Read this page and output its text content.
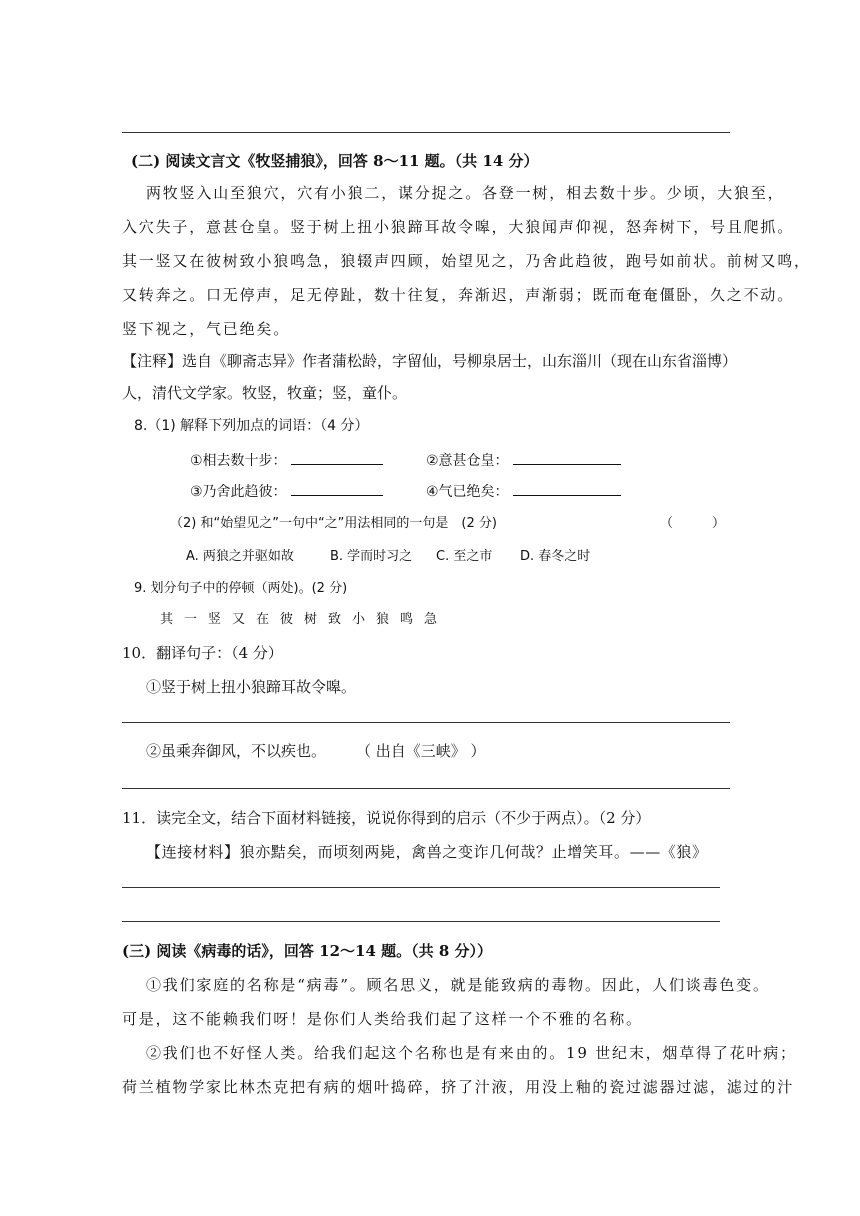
(二) 阅读文言文《牧竖捕狼》，回答 8～11 题。（共 14 分）
两牧竖入山至狼穴，穴有小狼二，谋分捉之。各登一树，相去数十步。少顷，大狼至，
入穴失子，意甚仓皇。竖于树上扭小狼蹄耳故令嗥，大狼闻声仰视，怒奔树下，号且爬抓。
其一竖又在彼树致小狼鸣急，狼辍声四顾，始望见之，乃舍此趋彼，跑号如前状。前树又鸣，
又转奔之。口无停声，足无停趾，数十往复，奔渐迟，声渐弱；既而奄奄僵卧，久之不动。
竖下视之，气已绝矣。
【注释】选自《聊斋志异》作者蒲松龄，字留仙，号柳泉居士，山东淄川（现在山东省淄博）
人，清代文学家。牧竖，牧童；竖，童仆。
8.（1) 解释下列加点的词语：（4 分）
①相去数十步：	②意甚仓皇：
③乃舍此趋彼：	④气已绝矣：
（2) 和“始望见之”一句中“之”用法相同的一句是　(2 分)	（　　　）
A. 两狼之并驱如故	B. 学而时习之 C. 至之市 D. 春冬之时
9. 划分句子中的停顿（两处)。(2 分)
其一竖又在彼树致小狼鸣急
10．翻译句子：（4 分）
①竖于树上扭小狼蹄耳故令嗥。
②虽乘奔御风，不以疾也。 （ 出自《三峡》 ）
11．读完全文，结合下面材料链接，说说你得到的启示（不少于两点）。（2 分）
【连接材料】狼亦黠矣，而顷刻两毙，禽兽之变诈几何哉？止增笑耳。——《狼》
(三) 阅读《病毒的话》，回答 12～14 题。（共 8 分））
①我们家庭的名称是“病毒”。顾名思义，就是能致病的毒物。因此，人们谈毒色变。
可是，这不能赖我们呀！是你们人类给我们起了这样一个不雅的名称。
②我们也不好怪人类。给我们起这个名称也是有来由的。19 世纪末，烟草得了花叶病；
荷兰植物学家比林杰克把有病的烟叶捣碎，挤了汁液，用没上釉的瓷过滤器过滤，滤过的汁
